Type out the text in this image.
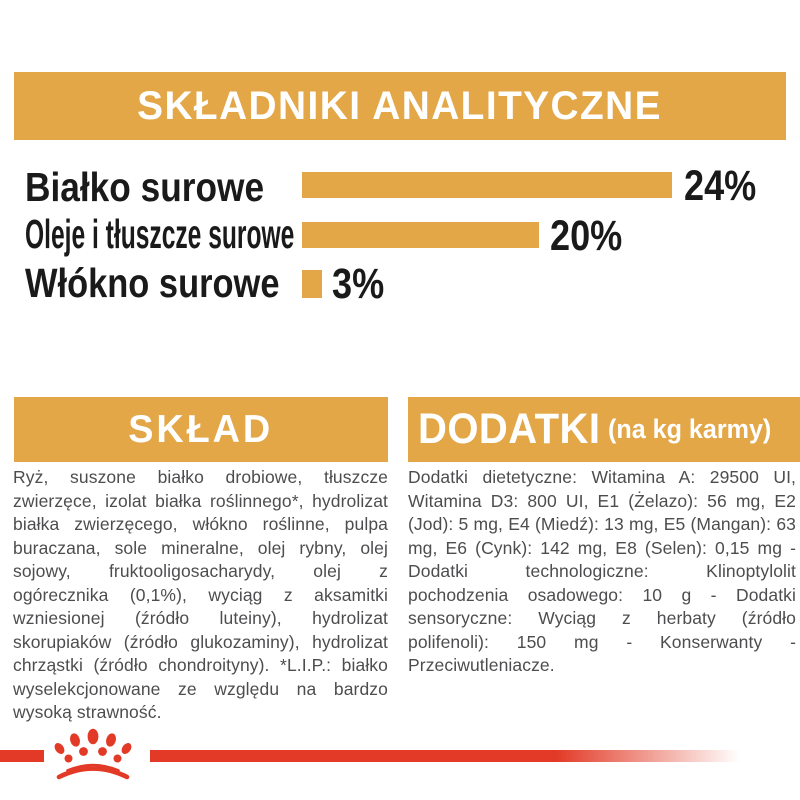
SKŁADNIKI ANALITYCZNE
Białko surowe	24%
Oleje i tłuszcze surowe	20%
Włókno surowe 3%
SKŁAD	DODATKI (na kg karmy)

Ryż, suszone białko drobiowe, tłuszcze zwierzęce, izolat białka roślinnego*, hydrolizat białka zwierzęcego, włókno roślinne, pulpa buraczana, sole mineralne, olej rybny, olej sojowy, fruktooligosacharydy, olej z ogórecznika (0,1%), wyciąg z aksamitki wzniesionej (źródło luteiny), hydrolizat skorupiaków (źródło glukozaminy), hydrolizat chrząstki (źródło chondroityny). *L.I.P.: białko wyselekcjonowane ze względu na bardzo wysoką strawność.

Dodatki dietetyczne: Witamina A: 29500 UI, Witamina D3: 800 UI, E1 (Żelazo): 56 mg, E2 (Jod): 5 mg, E4 (Miedź): 13 mg, E5 (Mangan): 63 mg, E6 (Cynk): 142 mg, E8 (Selen): 0,15 mg - Dodatki technologiczne: Klinoptylolit pochodzenia osadowego: 10 g - Dodatki sensoryczne: Wyciąg z herbaty (źródło polifenoli): 150 mg - Konserwanty - Przeciwutleniacze.
